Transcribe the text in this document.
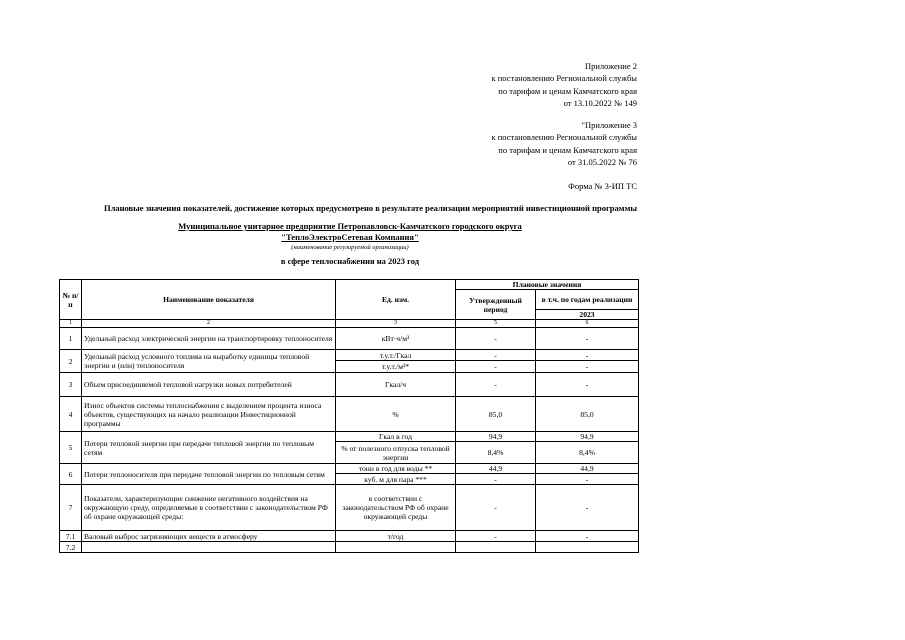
Приложение 2
к постановлению Региональной службы
по тарифам и ценам Камчатского края
от 13.10.2022 № 149
"Приложение 3
к постановлению Региональной службы
по тарифам и ценам Камчатского края
от 31.05.2022 № 76
Форма № 3-ИП ТС
Плановые значения показателей, достижение которых предусмотрено в результате реализации мероприятий инвестиционной программы
Муниципальное унитарное предприятие Петропавловск-Камчатского городского округа
"ТеплоЭлектроСетевая Компания"
(наименование регулируемой организации)
в сфере теплоснабжения на 2023 год
№ п/п	Наименование показателя	Ед. изм.	Плановые значения	
			Утвержденный период	в т.ч. по годам реализации
				2023
1	2	3	5	6
1	Удельный расход электрической энергии на транспортировку теплоносителя	кВт·ч/м³	-	-
2	Удельный расход условного топлива на выработку единицы тепловой энергии и (или) теплоносителя	т.у.т./Гкал	-	-
		т.у.т./м³*	-	-
3	Объем присоединяемой тепловой нагрузки новых потребителей	Гкал/ч	-	-
4	Износ объектов системы теплоснабжения с выделением процента износа объектов, существующих на начало реализации Инвестиционной программы	%	85,0	85,0
5	Потери тепловой энергии при передаче тепловой энергии по тепловым сетям	Гкал в год	94,9	94,9
		% от полезного отпуска тепловой энергии	8,4%	8,4%
6	Потери теплоносителя при передаче тепловой энергии по тепловым сетям	тонн в год для воды **	44,9	44,9
		куб. м для пара ***	-	-
7	Показатели, характеризующие снижение негативного воздействия на окружающую среду, определяемые в соответствии с законодательством РФ об охране окружающей среды:	в соответствии с законодательством РФ об охране окружающей среды	-	-
7.1	Валовый выброс загрязняющих веществ в атмосферу	т/год	-	-
7.2				
